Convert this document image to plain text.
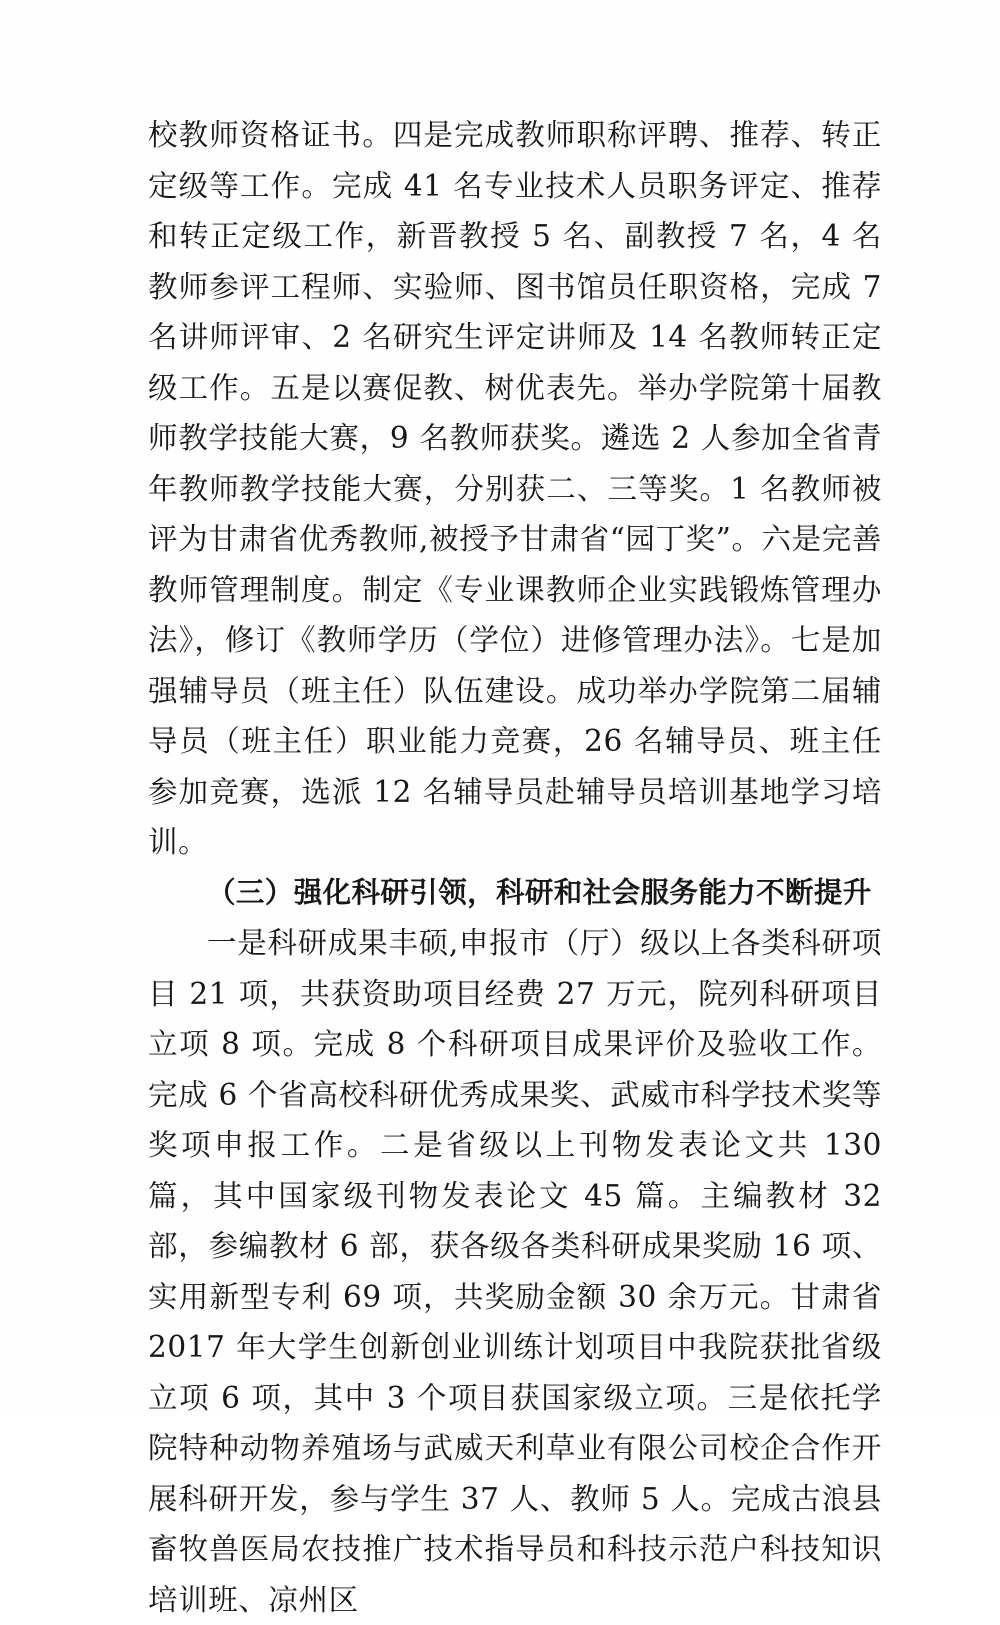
校教师资格证书。四是完成教师职称评聘、推荐、转正定级等工作。完成 41 名专业技术人员职务评定、推荐和转正定级工作，新晋教授 5 名、副教授 7 名，4 名教师参评工程师、实验师、图书馆员任职资格，完成 7 名讲师评审、2 名研究生评定讲师及 14 名教师转正定级工作。五是以赛促教、树优表先。举办学院第十届教师教学技能大赛，9 名教师获奖。遴选 2 人参加全省青年教师教学技能大赛，分别获二、三等奖。1 名教师被评为甘肃省优秀教师,被授予甘肃省“园丁奖”。六是完善教师管理制度。制定《专业课教师企业实践锻炼管理办法》，修订《教师学历（学位）进修管理办法》。七是加强辅导员（班主任）队伍建设。成功举办学院第二届辅导员（班主任）职业能力竞赛，26 名辅导员、班主任参加竞赛，选派 12 名辅导员赴辅导员培训基地学习培训。

（三）强化科研引领，科研和社会服务能力不断提升

一是科研成果丰硕,申报市（厅）级以上各类科研项目 21 项，共获资助项目经费 27 万元，院列科研项目立项 8 项。完成 8 个科研项目成果评价及验收工作。完成 6 个省高校科研优秀成果奖、武威市科学技术奖等奖项申报工作。二是省级以上刊物发表论文共 130 篇，其中国家级刊物发表论文 45 篇。主编教材 32 部，参编教材 6 部，获各级各类科研成果奖励 16 项、实用新型专利 69 项，共奖励金额 30 余万元。甘肃省 2017 年大学生创新创业训练计划项目中我院获批省级立项 6 项，其中 3 个项目获国家级立项。三是依托学院特种动物养殖场与武威天利草业有限公司校企合作开展科研开发，参与学生 37 人、教师 5 人。完成古浪县畜牧兽医局农技推广技术指导员和科技示范户科技知识培训班、凉州区
